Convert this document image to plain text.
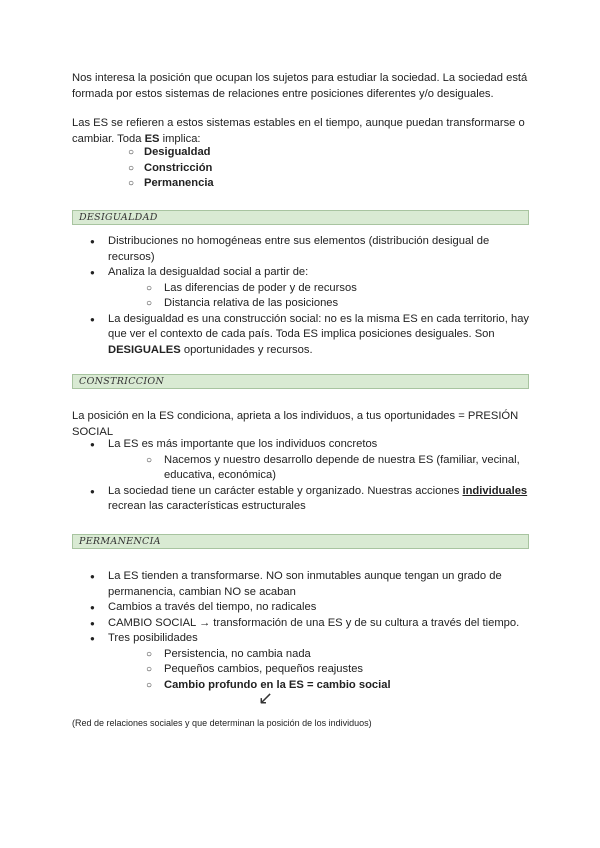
Nos interesa la posición que ocupan los sujetos para estudiar la sociedad. La sociedad está formada por estos sistemas de relaciones entre posiciones diferentes y/o desiguales.

Las ES se refieren a estos sistemas estables en el tiempo, aunque puedan transformarse o cambiar. Toda ES implica:

○ Desigualdad
○ Constricción
○ Permanencia
DESIGUALDAD
● Distribuciones no homogéneas entre sus elementos (distribución desigual de recursos)
● Analiza la desigualdad social a partir de:
○ Las diferencias de poder y de recursos
○ Distancia relativa de las posiciones
● La desigualdad es una construcción social: no es la misma ES en cada territorio, hay que ver el contexto de cada país. Toda ES implica posiciones desiguales. Son DESIGUALES oportunidades y recursos.
CONSTRICCION

La posición en la ES condiciona, aprieta a los individuos, a tus oportunidades = PRESIÓN SOCIAL

● La ES es más importante que los individuos concretos
○ Nacemos y nuestro desarrollo depende de nuestra ES (familiar, vecinal, educativa, económica)
● La sociedad tiene un carácter estable y organizado. Nuestras acciones individuales recrean las características estructurales
PERMANENCIA
● La ES tienden a transformarse. NO son inmutables aunque tengan un grado de permanencia, cambian NO se acaban
● Cambios a través del tiempo, no radicales
● CAMBIO SOCIAL → transformación de una ES y de su cultura a través del tiempo.
● Tres posibilidades
○ Persistencia, no cambia nada
○ Pequeños cambios, pequeños reajustes
○ Cambio profundo en la ES = cambio social
↙
(Red de relaciones sociales y que determinan la posición de los individuos)
